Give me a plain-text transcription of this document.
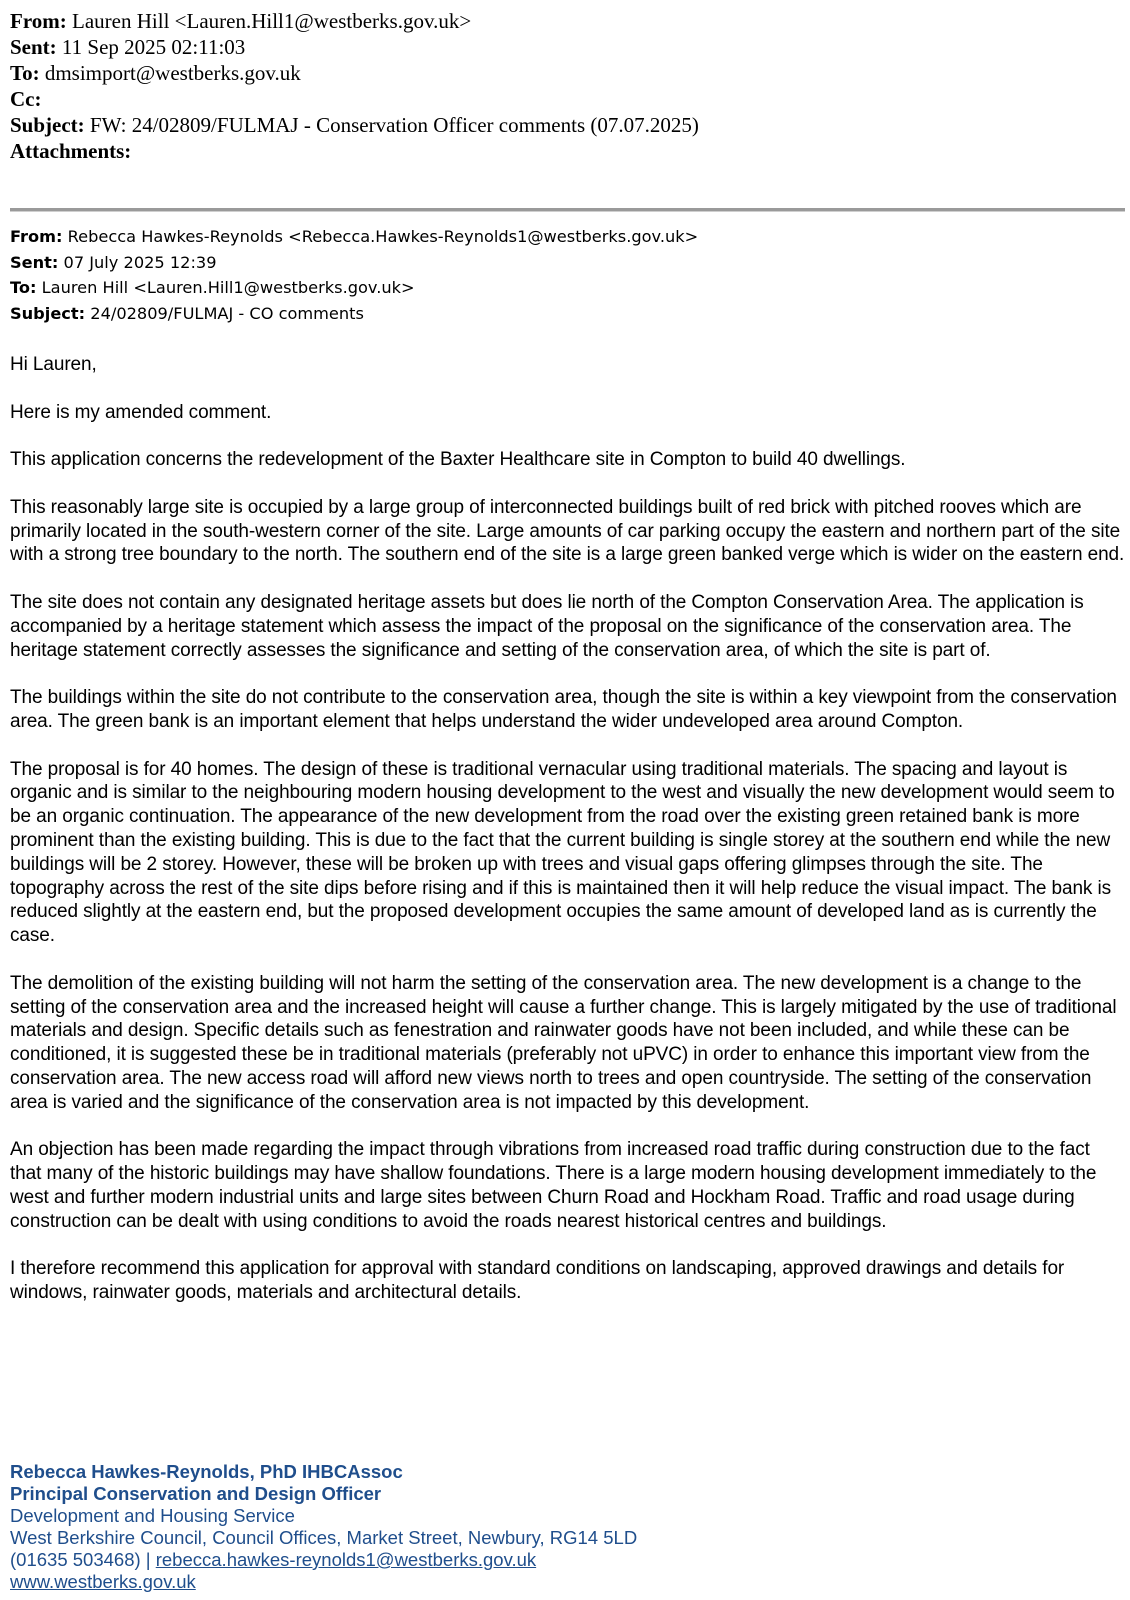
From: Lauren Hill <Lauren.Hill1@westberks.gov.uk>
Sent: 11 Sep 2025 02:11:03
To: dmsimport@westberks.gov.uk
Cc:
Subject: FW: 24/02809/FULMAJ - Conservation Officer comments (07.07.2025)
Attachments:
From: Rebecca Hawkes-Reynolds <Rebecca.Hawkes-Reynolds1@westberks.gov.uk>
Sent: 07 July 2025 12:39
To: Lauren Hill <Lauren.Hill1@westberks.gov.uk>
Subject: 24/02809/FULMAJ - CO comments

Hi Lauren,

Here is my amended comment.

This application concerns the redevelopment of the Baxter Healthcare site in Compton to build 40 dwellings.

This reasonably large site is occupied by a large group of interconnected buildings built of red brick with pitched rooves which are primarily located in the south-western corner of the site. Large amounts of car parking occupy the eastern and northern part of the site with a strong tree boundary to the north. The southern end of the site is a large green banked verge which is wider on the eastern end.

The site does not contain any designated heritage assets but does lie north of the Compton Conservation Area. The application is accompanied by a heritage statement which assess the impact of the proposal on the significance of the conservation area. The heritage statement correctly assesses the significance and setting of the conservation area, of which the site is part of.

The buildings within the site do not contribute to the conservation area, though the site is within a key viewpoint from the conservation area. The green bank is an important element that helps understand the wider undeveloped area around Compton.

The proposal is for 40 homes. The design of these is traditional vernacular using traditional materials. The spacing and layout is organic and is similar to the neighbouring modern housing development to the west and visually the new development would seem to be an organic continuation. The appearance of the new development from the road over the existing green retained bank is more prominent than the existing building. This is due to the fact that the current building is single storey at the southern end while the new buildings will be 2 storey. However, these will be broken up with trees and visual gaps offering glimpses through the site. The topography across the rest of the site dips before rising and if this is maintained then it will help reduce the visual impact. The bank is reduced slightly at the eastern end, but the proposed development occupies the same amount of developed land as is currently the case.

The demolition of the existing building will not harm the setting of the conservation area. The new development is a change to the setting of the conservation area and the increased height will cause a further change. This is largely mitigated by the use of traditional materials and design. Specific details such as fenestration and rainwater goods have not been included, and while these can be conditioned, it is suggested these be in traditional materials (preferably not uPVC) in order to enhance this important view from the conservation area. The new access road will afford new views north to trees and open countryside. The setting of the conservation area is varied and the significance of the conservation area is not impacted by this development.

An objection has been made regarding the impact through vibrations from increased road traffic during construction due to the fact that many of the historic buildings may have shallow foundations. There is a large modern housing development immediately to the west and further modern industrial units and large sites between Churn Road and Hockham Road. Traffic and road usage during construction can be dealt with using conditions to avoid the roads nearest historical centres and buildings.

I therefore recommend this application for approval with standard conditions on landscaping, approved drawings and details for windows, rainwater goods, materials and architectural details.

Rebecca Hawkes-Reynolds, PhD IHBCAssoc
Principal Conservation and Design Officer
Development and Housing Service
West Berkshire Council, Council Offices, Market Street, Newbury, RG14 5LD
(01635 503468) | rebecca.hawkes-reynolds1@westberks.gov.uk
www.westberks.gov.uk
